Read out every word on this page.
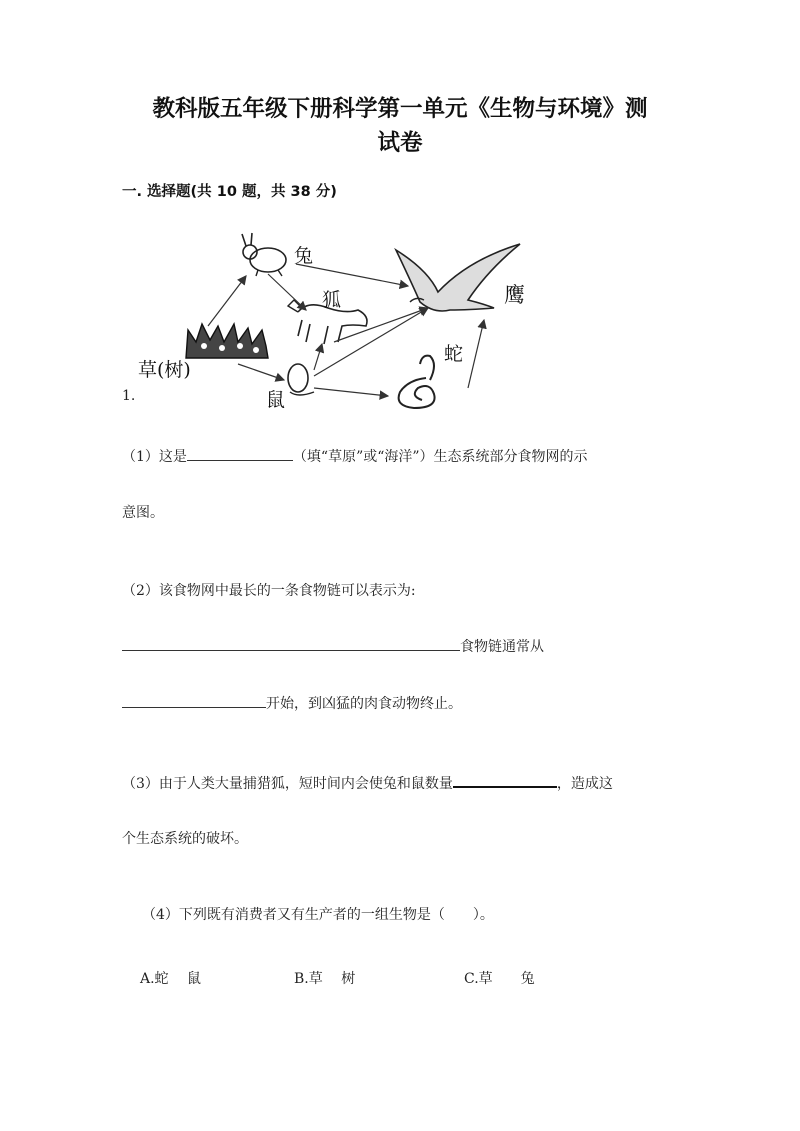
教科版五年级下册科学第一单元《生物与环境》测
试卷
一. 选择题(共 10 题，共 38 分)
兔
狐	鹰
草(树)
鼠
蛇
1.
（1）这是	（填“草原”或“海洋”）生态系统部分食物网的示
意图。
（2）该食物网中最长的一条食物链可以表示为:
食物链通常从
开始，到凶猛的肉食动物终止。
（3）由于人类大量捕猎狐，短时间内会使兔和鼠数量	，造成这
个生态系统的破坏。
（4）下列既有消费者又有生产者的一组生物是（　　）。
A.蛇　 鼠	B.草　 树	C.草　　兔
